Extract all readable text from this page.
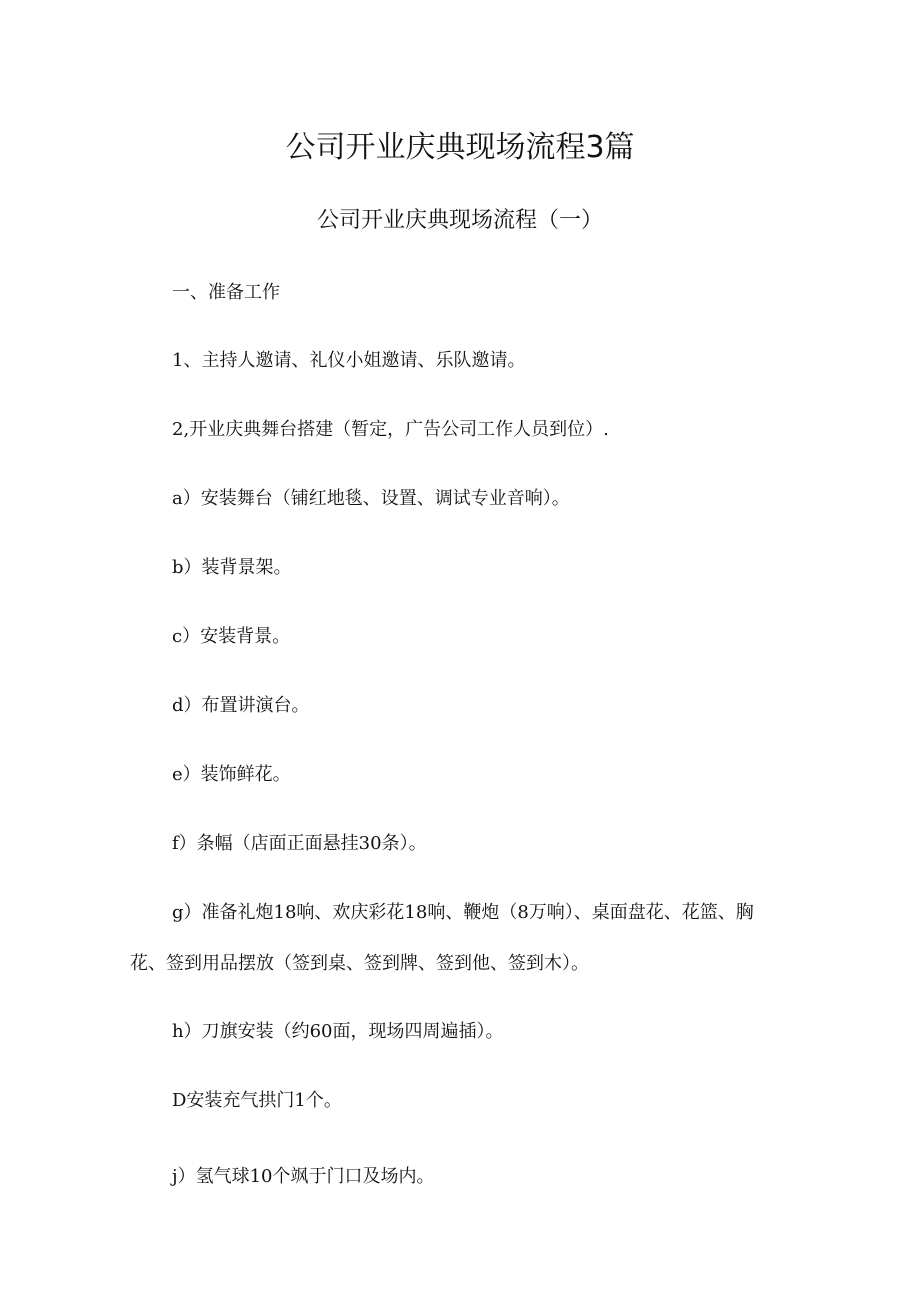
公司开业庆典现场流程3篇
公司开业庆典现场流程（一）
一、准备工作
1、主持人邀请、礼仪小姐邀请、乐队邀请。
2,开业庆典舞台搭建（暂定，广告公司工作人员到位）.
a）安装舞台（铺红地毯、设置、调试专业音响）。
b）装背景架。
c）安装背景。
d）布置讲演台。
e）装饰鲜花。
f）条幅（店面正面悬挂30条）。
g）准备礼炮18响、欢庆彩花18响、鞭炮（8万响）、桌面盘花、花篮、胸
花、签到用品摆放（签到桌、签到牌、签到他、签到木）。
h）刀旗安装（约60面，现场四周遍插）。
D安装充气拱门1个。
j）氢气球10个飒于门口及场内。
